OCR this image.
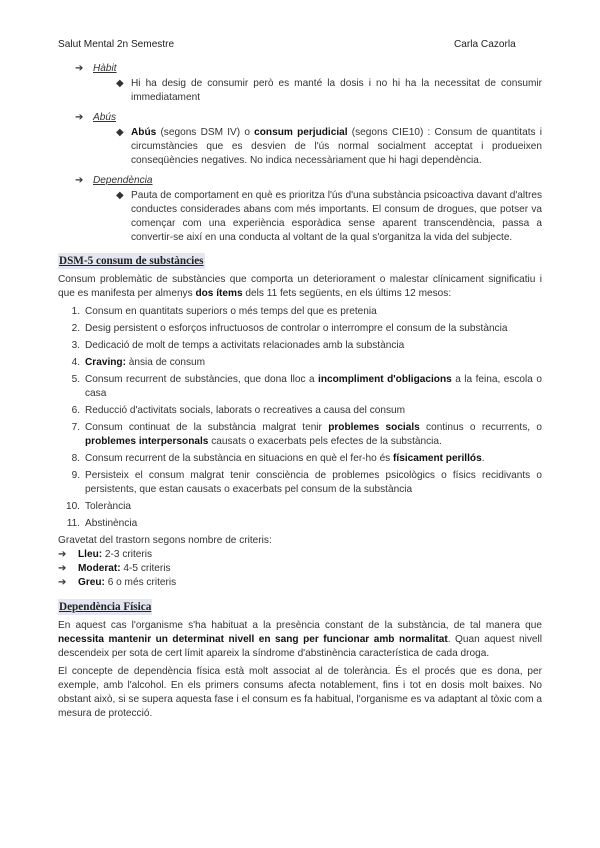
Salut Mental 2n Semestre	Carla Cazorla
➔ Hàbit
◆ Hi ha desig de consumir però es manté la dosis i no hi ha la necessitat de consumir immediatament
➔ Abús
◆ Abús (segons DSM IV) o consum perjudicial (segons CIE10) : Consum de quantitats i circumstàncies que es desvien de l'ús normal socialment acceptat i produeixen conseqüències negatives. No indica necessàriament que hi hagi dependència.
➔ Dependència
◆ Pauta de comportament en què es prioritza l'ús d'una substància psicoactiva davant d'altres conductes considerades abans com més importants. El consum de drogues, que potser va començar com una experiència esporàdica sense aparent transcendència, passa a convertir-se així en una conducta al voltant de la qual s'organitza la vida del subjecte.
DSM-5 consum de substàncies

Consum problemàtic de substàncies que comporta un deteriorament o malestar clínicament significatiu i que es manifesta per almenys dos ítems dels 11 fets següents, en els últims 12 mesos:

1. Consum en quantitats superiors o més temps del que es pretenia
2. Desig persistent o esforços infructuosos de controlar o interrompre el consum de la substància
3. Dedicació de molt de temps a activitats relacionades amb la substància
4. Craving: ànsia de consum
5. Consum recurrent de substàncies, que dona lloc a incompliment d'obligacions a la feina, escola o casa
6. Reducció d'activitats socials, laborats o recreatives a causa del consum
7. Consum continuat de la substància malgrat tenir problemes socials continus o recurrents, o problemes interpersonals causats o exacerbats pels efectes de la substància.
8. Consum recurrent de la substància en situacions en què el fer-ho és físicament perillós.
9. Persisteix el consum malgrat tenir consciència de problemes psicològics o físics recidivants o persistents, que estan causats o exacerbats pel consum de la substància
10. Tolerància
11. Abstinència

Gravetat del trastorn segons nombre de criteris:

➔ Lleu: 2-3 criteris
➔ Moderat: 4-5 criteris
➔ Greu: 6 o més criteris
Dependència Física

En aquest cas l'organisme s'ha habituat a la presència constant de la substància, de tal manera que necessita mantenir un determinat nivell en sang per funcionar amb normalitat. Quan aquest nivell descendeix per sota de cert límit apareix la síndrome d'abstinència característica de cada droga.

El concepte de dependència física està molt associat al de tolerància. És el procés que es dona, per exemple, amb l'alcohol. En els primers consums afecta notablement, fins i tot en dosis molt baixes. No obstant això, si se supera aquesta fase i el consum es fa habitual, l'organisme es va adaptant al tòxic com a mesura de protecció.
